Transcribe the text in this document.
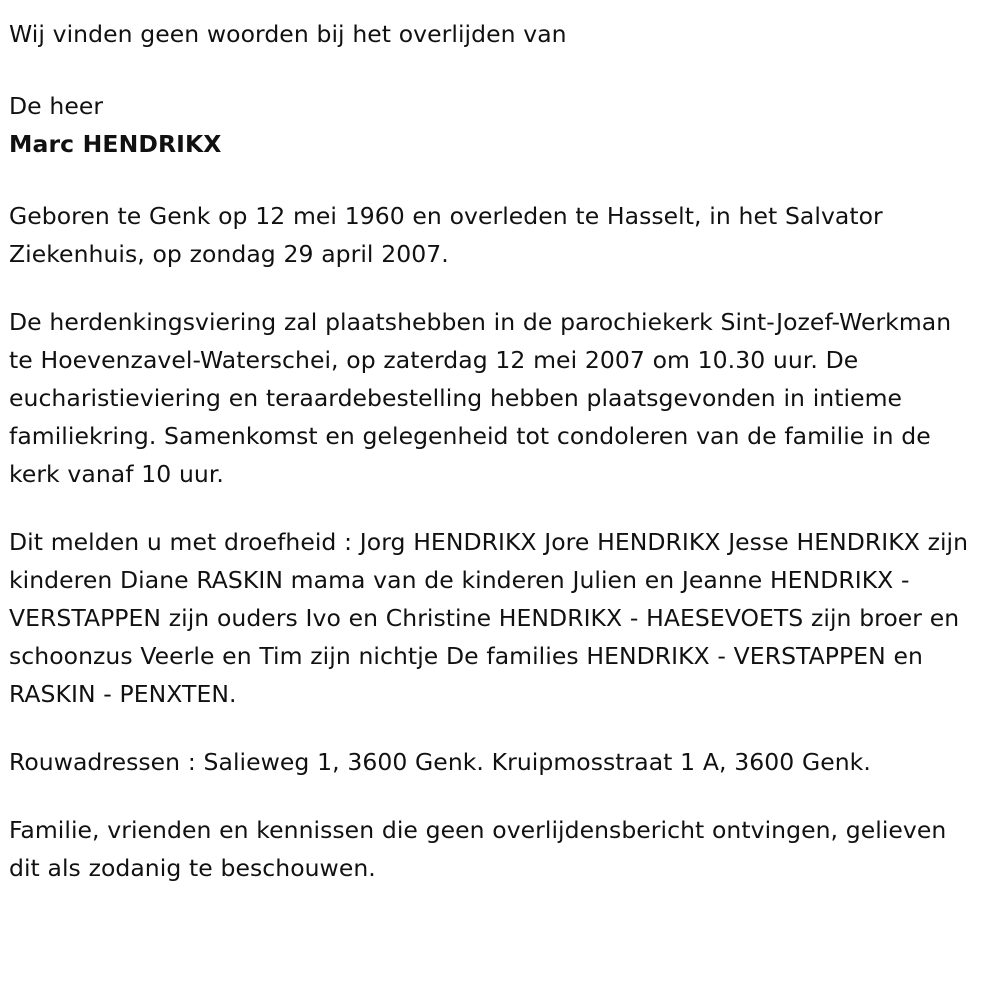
Wij vinden geen woorden bij het overlijden van

De heer

Marc HENDRIKX

Geboren te Genk op 12 mei 1960 en overleden te Hasselt, in het Salvator Ziekenhuis, op zondag 29 april 2007.

De herdenkingsviering zal plaatshebben in de parochiekerk Sint-Jozef-Werkman te Hoevenzavel-Waterschei, op zaterdag 12 mei 2007 om 10.30 uur. De eucharistieviering en teraardebestelling hebben plaatsgevonden in intieme familiekring. Samenkomst en gelegenheid tot condoleren van de familie in de kerk vanaf 10 uur.

Dit melden u met droefheid : Jorg HENDRIKX Jore HENDRIKX Jesse HENDRIKX zijn kinderen Diane RASKIN mama van de kinderen Julien en Jeanne HENDRIKX - VERSTAPPEN zijn ouders Ivo en Christine HENDRIKX - HAESEVOETS zijn broer en schoonzus Veerle en Tim zijn nichtje De families HENDRIKX - VERSTAPPEN en RASKIN - PENXTEN.

Rouwadressen : Salieweg 1, 3600 Genk. Kruipmosstraat 1 A, 3600 Genk.

Familie, vrienden en kennissen die geen overlijdensbericht ontvingen, gelieven dit als zodanig te beschouwen.
